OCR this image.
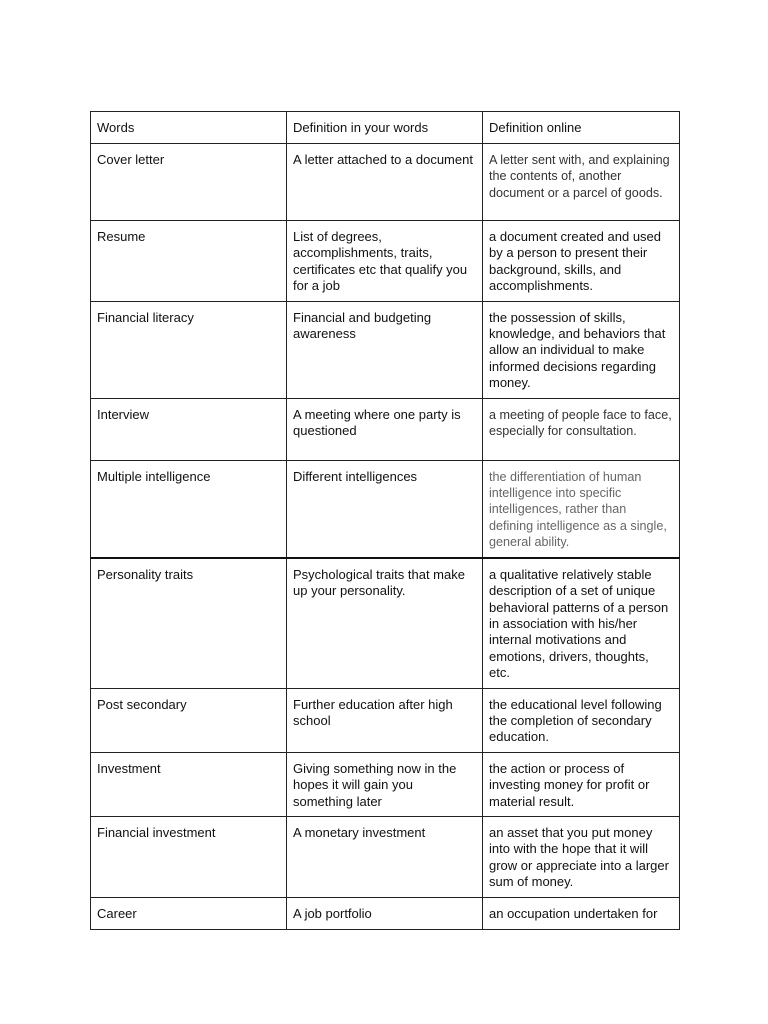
Words	Definition in your words	Definition online
Cover letter	A letter attached to a document	A letter sent with, and explaining the contents of, another document or a parcel of goods.
Resume	List of degrees, accomplishments, traits, certificates etc that qualify you for a job	a document created and used by a person to present their background, skills, and accomplishments.
Financial literacy	Financial and budgeting awareness	the possession of skills, knowledge, and behaviors that allow an individual to make informed decisions regarding money.
Interview	A meeting where one party is questioned	a meeting of people face to face, especially for consultation.
Multiple intelligence	Different intelligences	the differentiation of human intelligence into specific intelligences, rather than defining intelligence as a single, general ability.
Personality traits	Psychological traits that make up your personality.	a qualitative relatively stable description of a set of unique behavioral patterns of a person in association with his/her internal motivations and emotions, drivers, thoughts, etc.
Post secondary	Further education after high school	the educational level following the completion of secondary education.
Investment	Giving something now in the hopes it will gain you something later	the action or process of investing money for profit or material result.
Financial investment	A monetary investment	an asset that you put money into with the hope that it will grow or appreciate into a larger sum of money.
Career	A job portfolio	an occupation undertaken for
